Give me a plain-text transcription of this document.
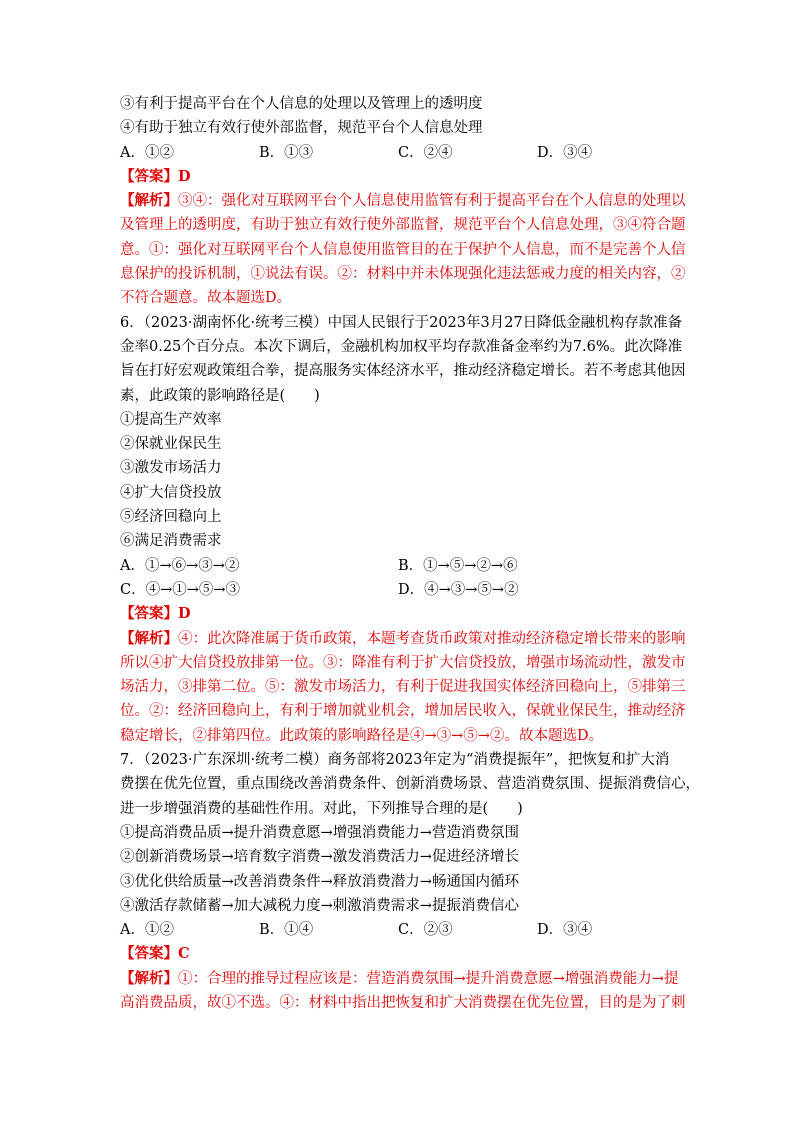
③有利于提高平台在个人信息的处理以及管理上的透明度
④有助于独立有效行使外部监督，规范平台个人信息处理
A．①②	B．①③	C．②④	D．③④
【答案】D
【解析】③④：强化对互联网平台个人信息使用监管有利于提高平台在个人信息的处理以
及管理上的透明度，有助于独立有效行使外部监督，规范平台个人信息处理，③④符合题
意。①：强化对互联网平台个人信息使用监管目的在于保护个人信息，而不是完善个人信
息保护的投诉机制，①说法有误。②：材料中并未体现强化违法惩戒力度的相关内容，②
不符合题意。故本题选D。
6．（2023·湖南怀化·统考三模）中国人民银行于2023年3月27日降低金融机构存款准备
金率0.25个百分点。本次下调后，金融机构加权平均存款准备金率约为7.6%。此次降准
旨在打好宏观政策组合拳，提高服务实体经济水平，推动经济稳定增长。若不考虑其他因
素，此政策的影响路径是(　　)
①提高生产效率
②保就业保民生
③激发市场活力
④扩大信贷投放
⑤经济回稳向上
⑥满足消费需求
A．①→⑥→③→②	B．①→⑤→②→⑥
C．④→①→⑤→③	D．④→③→⑤→②
【答案】D
【解析】④：此次降准属于货币政策，本题考查货币政策对推动经济稳定增长带来的影响
所以④扩大信贷投放排第一位。③：降准有利于扩大信贷投放，增强市场流动性，激发市
场活力，③排第二位。⑤：激发市场活力，有利于促进我国实体经济回稳向上，⑤排第三
位。②：经济回稳向上，有利于增加就业机会，增加居民收入，保就业保民生，推动经济
稳定增长，②排第四位。此政策的影响路径是④→③→⑤→②。故本题选D。
7．（2023·广东深圳·统考二模）商务部将2023年定为“消费提振年”，把恢复和扩大消
费摆在优先位置，重点围绕改善消费条件、创新消费场景、营造消费氛围、提振消费信心，
进一步增强消费的基础性作用。对此，下列推导合理的是(　　)
①提高消费品质→提升消费意愿→增强消费能力→营造消费氛围
②创新消费场景→培育数字消费→激发消费活力→促进经济增长
③优化供给质量→改善消费条件→释放消费潜力→畅通国内循环
④激活存款储蓄→加大减税力度→刺激消费需求→提振消费信心
A．①②	B．①④	C．②③	D．③④
【答案】C
【解析】①：合理的推导过程应该是：营造消费氛围→提升消费意愿→增强消费能力→提
高消费品质，故①不选。④：材料中指出把恢复和扩大消费摆在优先位置，目的是为了刺
